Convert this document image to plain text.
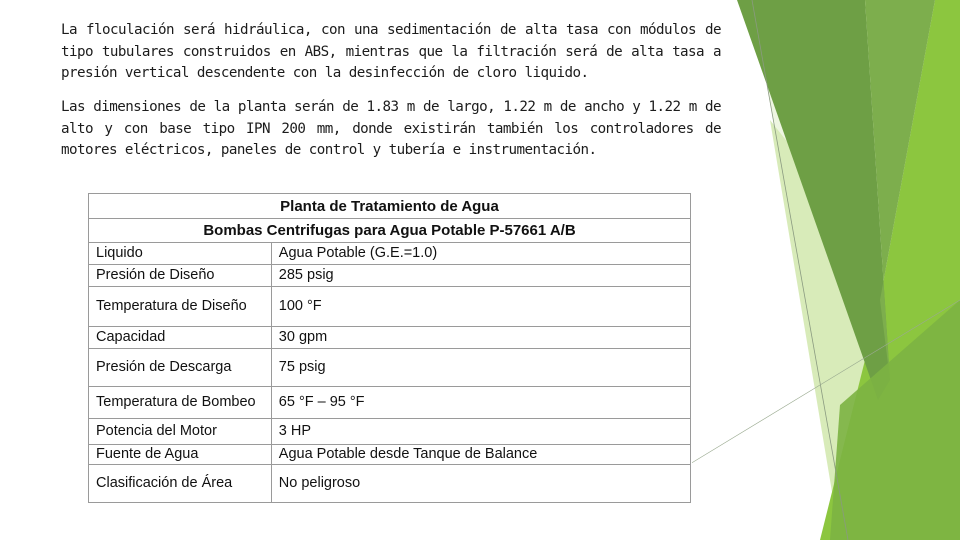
La floculación será hidráulica, con una sedimentación de alta tasa con módulos de tipo tubulares construidos en ABS, mientras que la filtración será de alta tasa a presión vertical descendente con la desinfección de cloro liquido.

Las dimensiones de la planta serán de 1.83 m de largo, 1.22 m de ancho y 1.22 m de alto y con base tipo IPN 200 mm, donde existirán también los controladores de motores eléctricos, paneles de control y tubería e instrumentación.

Planta de Tratamiento de Agua	
Bombas Centrifugas para Agua Potable P-57661 A/B	
Liquido	Agua Potable (G.E.=1.0)
Presión de Diseño	285 psig
Temperatura de Diseño	100 °F
Capacidad	30 gpm
Presión de Descarga	75 psig
Temperatura de Bombeo	65 °F – 95 °F
Potencia del Motor	3 HP
Fuente de Agua	Agua Potable desde Tanque de Balance
Clasificación de Área	No peligroso
